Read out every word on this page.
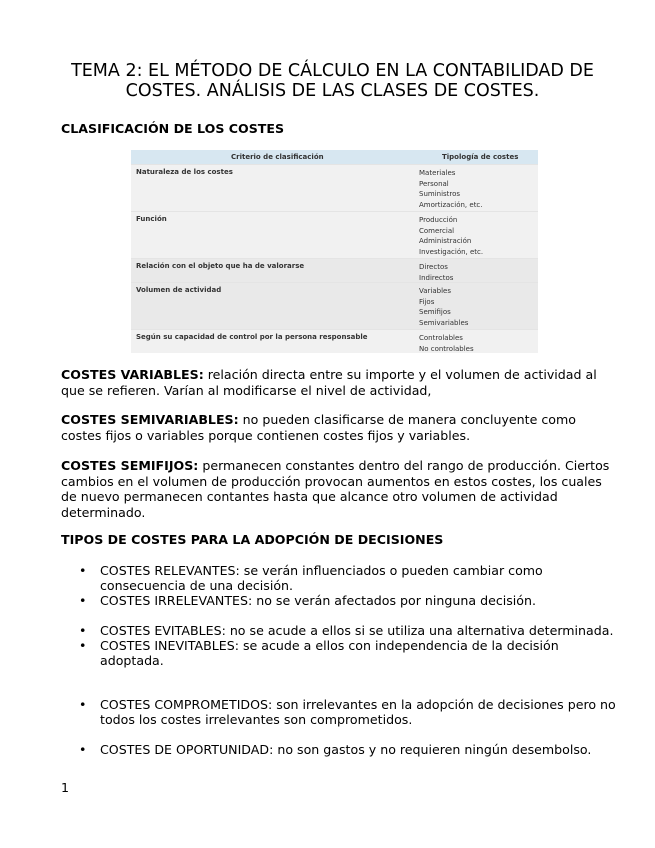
TEMA 2: EL MÉTODO DE CÁLCULO EN LA CONTABILIDAD DE COSTES. ANÁLISIS DE LAS CLASES DE COSTES.
CLASIFICACIÓN DE LOS COSTES
Criterio de clasificación	Tipología de costes
Naturaleza de los costes	Materiales
Personal
Suministros
Amortización, etc.
Función	Producción
Comercial
Administración
Investigación, etc.
Relación con el objeto que ha de valorarse	Directos
Indirectos
Volumen de actividad	Variables
Fijos
Semifijos
Semivariables
Según su capacidad de control por la persona responsable	Controlables
No controlables

COSTES VARIABLES: relación directa entre su importe y el volumen de actividad al que se refieren. Varían al modificarse el nivel de actividad,

COSTES SEMIVARIABLES: no pueden clasificarse de manera concluyente como costes fijos o variables porque contienen costes fijos y variables.

COSTES SEMIFIJOS: permanecen constantes dentro del rango de producción. Ciertos cambios en el volumen de producción provocan aumentos en estos costes, los cuales de nuevo permanecen contantes hasta que alcance otro volumen de actividad determinado.

TIPOS DE COSTES PARA LA ADOPCIÓN DE DECISIONES
• COSTES RELEVANTES: se verán influenciados o pueden cambiar como consecuencia de una decisión.
• COSTES IRRELEVANTES: no se verán afectados por ninguna decisión.
• COSTES EVITABLES: no se acude a ellos si se utiliza una alternativa determinada.
• COSTES INEVITABLES: se acude a ellos con independencia de la decisión adoptada.
• COSTES COMPROMETIDOS: son irrelevantes en la adopción de decisiones pero no todos los costes irrelevantes son comprometidos.
• COSTES DE OPORTUNIDAD: no son gastos y no requieren ningún desembolso.
1
